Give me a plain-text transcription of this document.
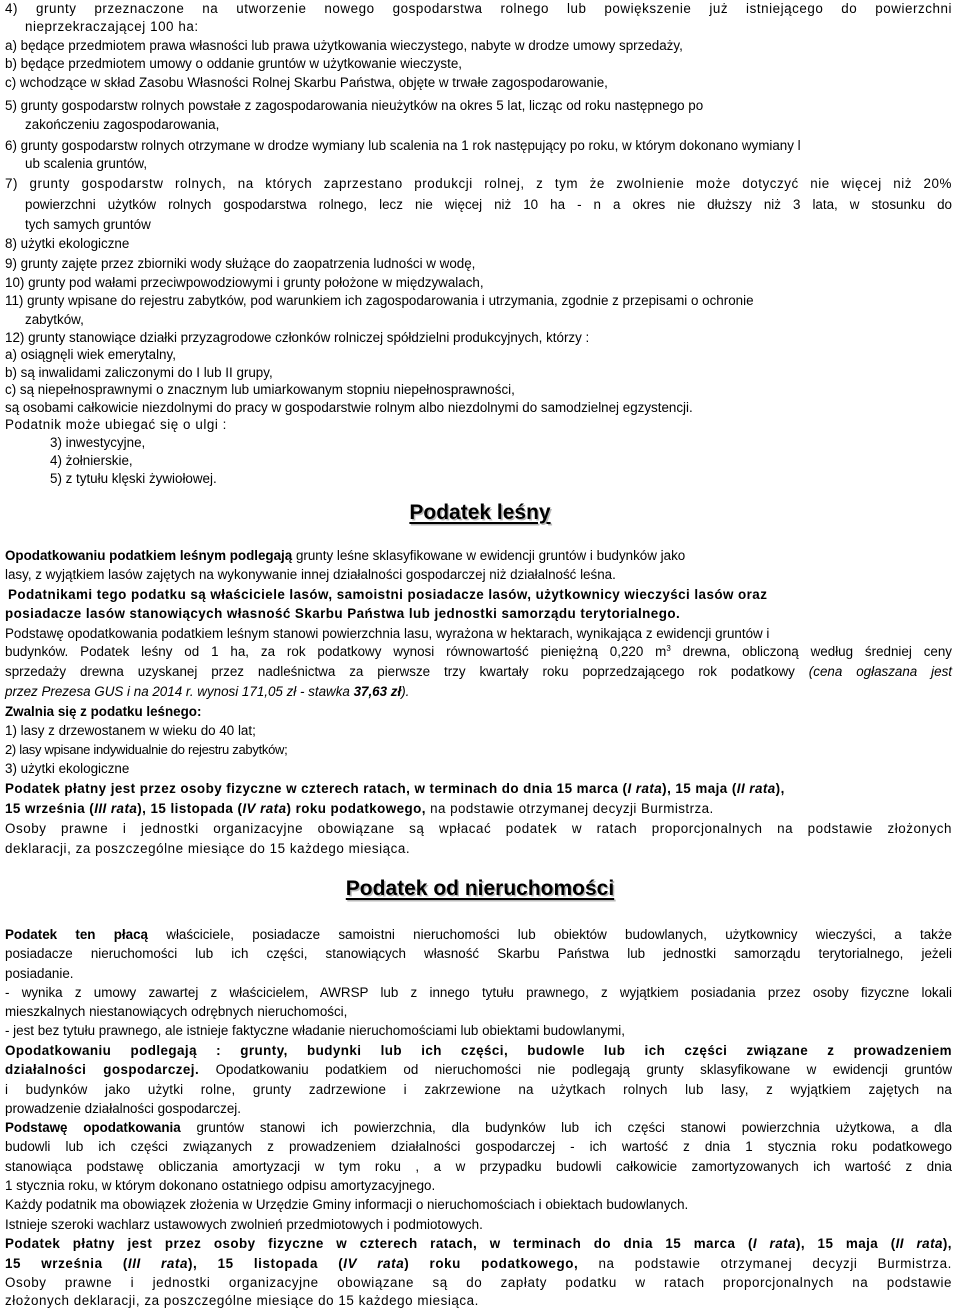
4) grunty przeznaczone na utworzenie nowego gospodarstwa rolnego lub powiększenie już istniejącego do powierzchni
nieprzekraczającej 100 ha:
a) będące przedmiotem prawa własności lub prawa użytkowania wieczystego, nabyte w drodze umowy sprzedaży,
b) będące przedmiotem umowy o oddanie gruntów w użytkowanie wieczyste,
c) wchodzące w skład Zasobu Własności Rolnej Skarbu Państwa, objęte w trwałe zagospodarowanie,
5) grunty gospodarstw rolnych powstałe z zagospodarowania nieużytków na okres 5 lat, licząc od roku następnego po
zakończeniu zagospodarowania,
6) grunty gospodarstw rolnych otrzymane w drodze wymiany lub scalenia na 1 rok następujący po roku, w którym dokonano wymiany l
ub scalenia gruntów,
7) grunty gospodarstw rolnych, na których zaprzestano produkcji rolnej, z tym że zwolnienie może dotyczyć nie więcej niż 20%
powierzchni użytków rolnych gospodarstwa rolnego, lecz nie więcej niż 10 ha - n a okres nie dłuższy niż 3 lata, w stosunku do
tych samych gruntów
8) użytki ekologiczne
9) grunty zajęte przez zbiorniki wody służące do zaopatrzenia ludności w wodę,
10) grunty pod wałami przeciwpowodziowymi i grunty położone w międzywalach,
11) grunty wpisane do rejestru zabytków, pod warunkiem ich zagospodarowania i utrzymania, zgodnie z przepisami o ochronie
zabytków,
12) grunty stanowiące działki przyzagrodowe członków rolniczej spółdzielni produkcyjnych, którzy :
a) osiągnęli wiek emerytalny,
b) są inwalidami zaliczonymi do I lub II grupy,
c) są niepełnosprawnymi o znacznym lub umiarkowanym stopniu niepełnosprawności,
są osobami całkowicie niezdolnymi do pracy w gospodarstwie rolnym albo niezdolnymi do samodzielnej egzystencji.
Podatnik może ubiegać się o ulgi :
3) inwestycyjne,
4) żołnierskie,
5) z tytułu klęski żywiołowej.
Podatek leśny
Opodatkowaniu podatkiem leśnym podlegają grunty leśne sklasyfikowane w ewidencji gruntów i budynków jako
lasy, z wyjątkiem lasów zajętych na wykonywanie innej działalności gospodarczej niż działalność leśna.
Podatnikami tego podatku są właściciele lasów, samoistni posiadacze lasów, użytkownicy wieczyści lasów oraz
posiadacze lasów stanowiących własność Skarbu Państwa lub jednostki samorządu terytorialnego.
Podstawę opodatkowania podatkiem leśnym stanowi powierzchnia lasu, wyrażona w hektarach, wynikająca z ewidencji gruntów i
budynków. Podatek leśny od 1 ha, za rok podatkowy wynosi równowartość pieniężną 0,220 $m^3$ drewna, obliczoną według średniej ceny
sprzedaży drewna uzyskanej przez nadleśnictwa za pierwsze trzy kwartały roku poprzedzającego rok podatkowy (cena ogłaszana jest
przez Prezesa GUS i na 2014 r. wynosi 171,05 zł - stawka 37,63 zł).
Zwalnia się z podatku leśnego:
1) lasy z drzewostanem w wieku do 40 lat;
2) lasy wpisane indywidualnie do rejestru zabytków;
3) użytki ekologiczne
Podatek płatny jest przez osoby fizyczne w czterech ratach, w terminach do dnia 15 marca (I rata), 15 maja (II rata),
15 września (III rata), 15 listopada (IV rata) roku podatkowego, na podstawie otrzymanej decyzji Burmistrza.
Osoby prawne i jednostki organizacyjne obowiązane są wpłacać podatek w ratach proporcjonalnych na podstawie złożonych
deklaracji, za poszczególne miesiące do 15 każdego miesiąca.
Podatek od nieruchomości
Podatek ten płacą właściciele, posiadacze samoistni nieruchomości lub obiektów budowlanych, użytkownicy wieczyści, a także
posiadacze nieruchomości lub ich części, stanowiących własność Skarbu Państwa lub jednostki samorządu terytorialnego, jeżeli
posiadanie.
- wynika z umowy zawartej z właścicielem, AWRSP lub z innego tytułu prawnego, z wyjątkiem posiadania przez osoby fizyczne lokali
mieszkalnych niestanowiących odrębnych nieruchomości,
- jest bez tytułu prawnego, ale istnieje faktyczne władanie nieruchomościami lub obiektami budowlanymi,
Opodatkowaniu podlegają : grunty, budynki lub ich części, budowle lub ich części związane z prowadzeniem
działalności gospodarczej. Opodatkowaniu podatkiem od nieruchomości nie podlegają grunty sklasyfikowane w ewidencji gruntów
i budynków jako użytki rolne, grunty zadrzewione i zakrzewione na użytkach rolnych lub lasy, z wyjątkiem zajętych na
prowadzenie działalności gospodarczej.
Podstawę opodatkowania gruntów stanowi ich powierzchnia, dla budynków lub ich części stanowi powierzchnia użytkowa, a dla
budowli lub ich części związanych z prowadzeniem działalności gospodarczej - ich wartość z dnia 1 stycznia roku podatkowego
stanowiąca podstawę obliczania amortyzacji w tym roku , a w przypadku budowli całkowicie zamortyzowanych ich wartość z dnia
1 stycznia roku, w którym dokonano ostatniego odpisu amortyzacyjnego.
Każdy podatnik ma obowiązek złożenia w Urzędzie Gminy informacji o nieruchomościach i obiektach budowlanych.
Istnieje szeroki wachlarz ustawowych zwolnień przedmiotowych i podmiotowych.
Podatek płatny jest przez osoby fizyczne w czterech ratach, w terminach do dnia 15 marca (I rata), 15 maja (II rata),
15 września (III rata), 15 listopada (IV rata) roku podatkowego, na podstawie otrzymanej decyzji Burmistrza.
Osoby prawne i jednostki organizacyjne obowiązane są do zapłaty podatku w ratach proporcjonalnych na podstawie
złożonych deklaracji, za poszczególne miesiące do 15 każdego miesiąca.
